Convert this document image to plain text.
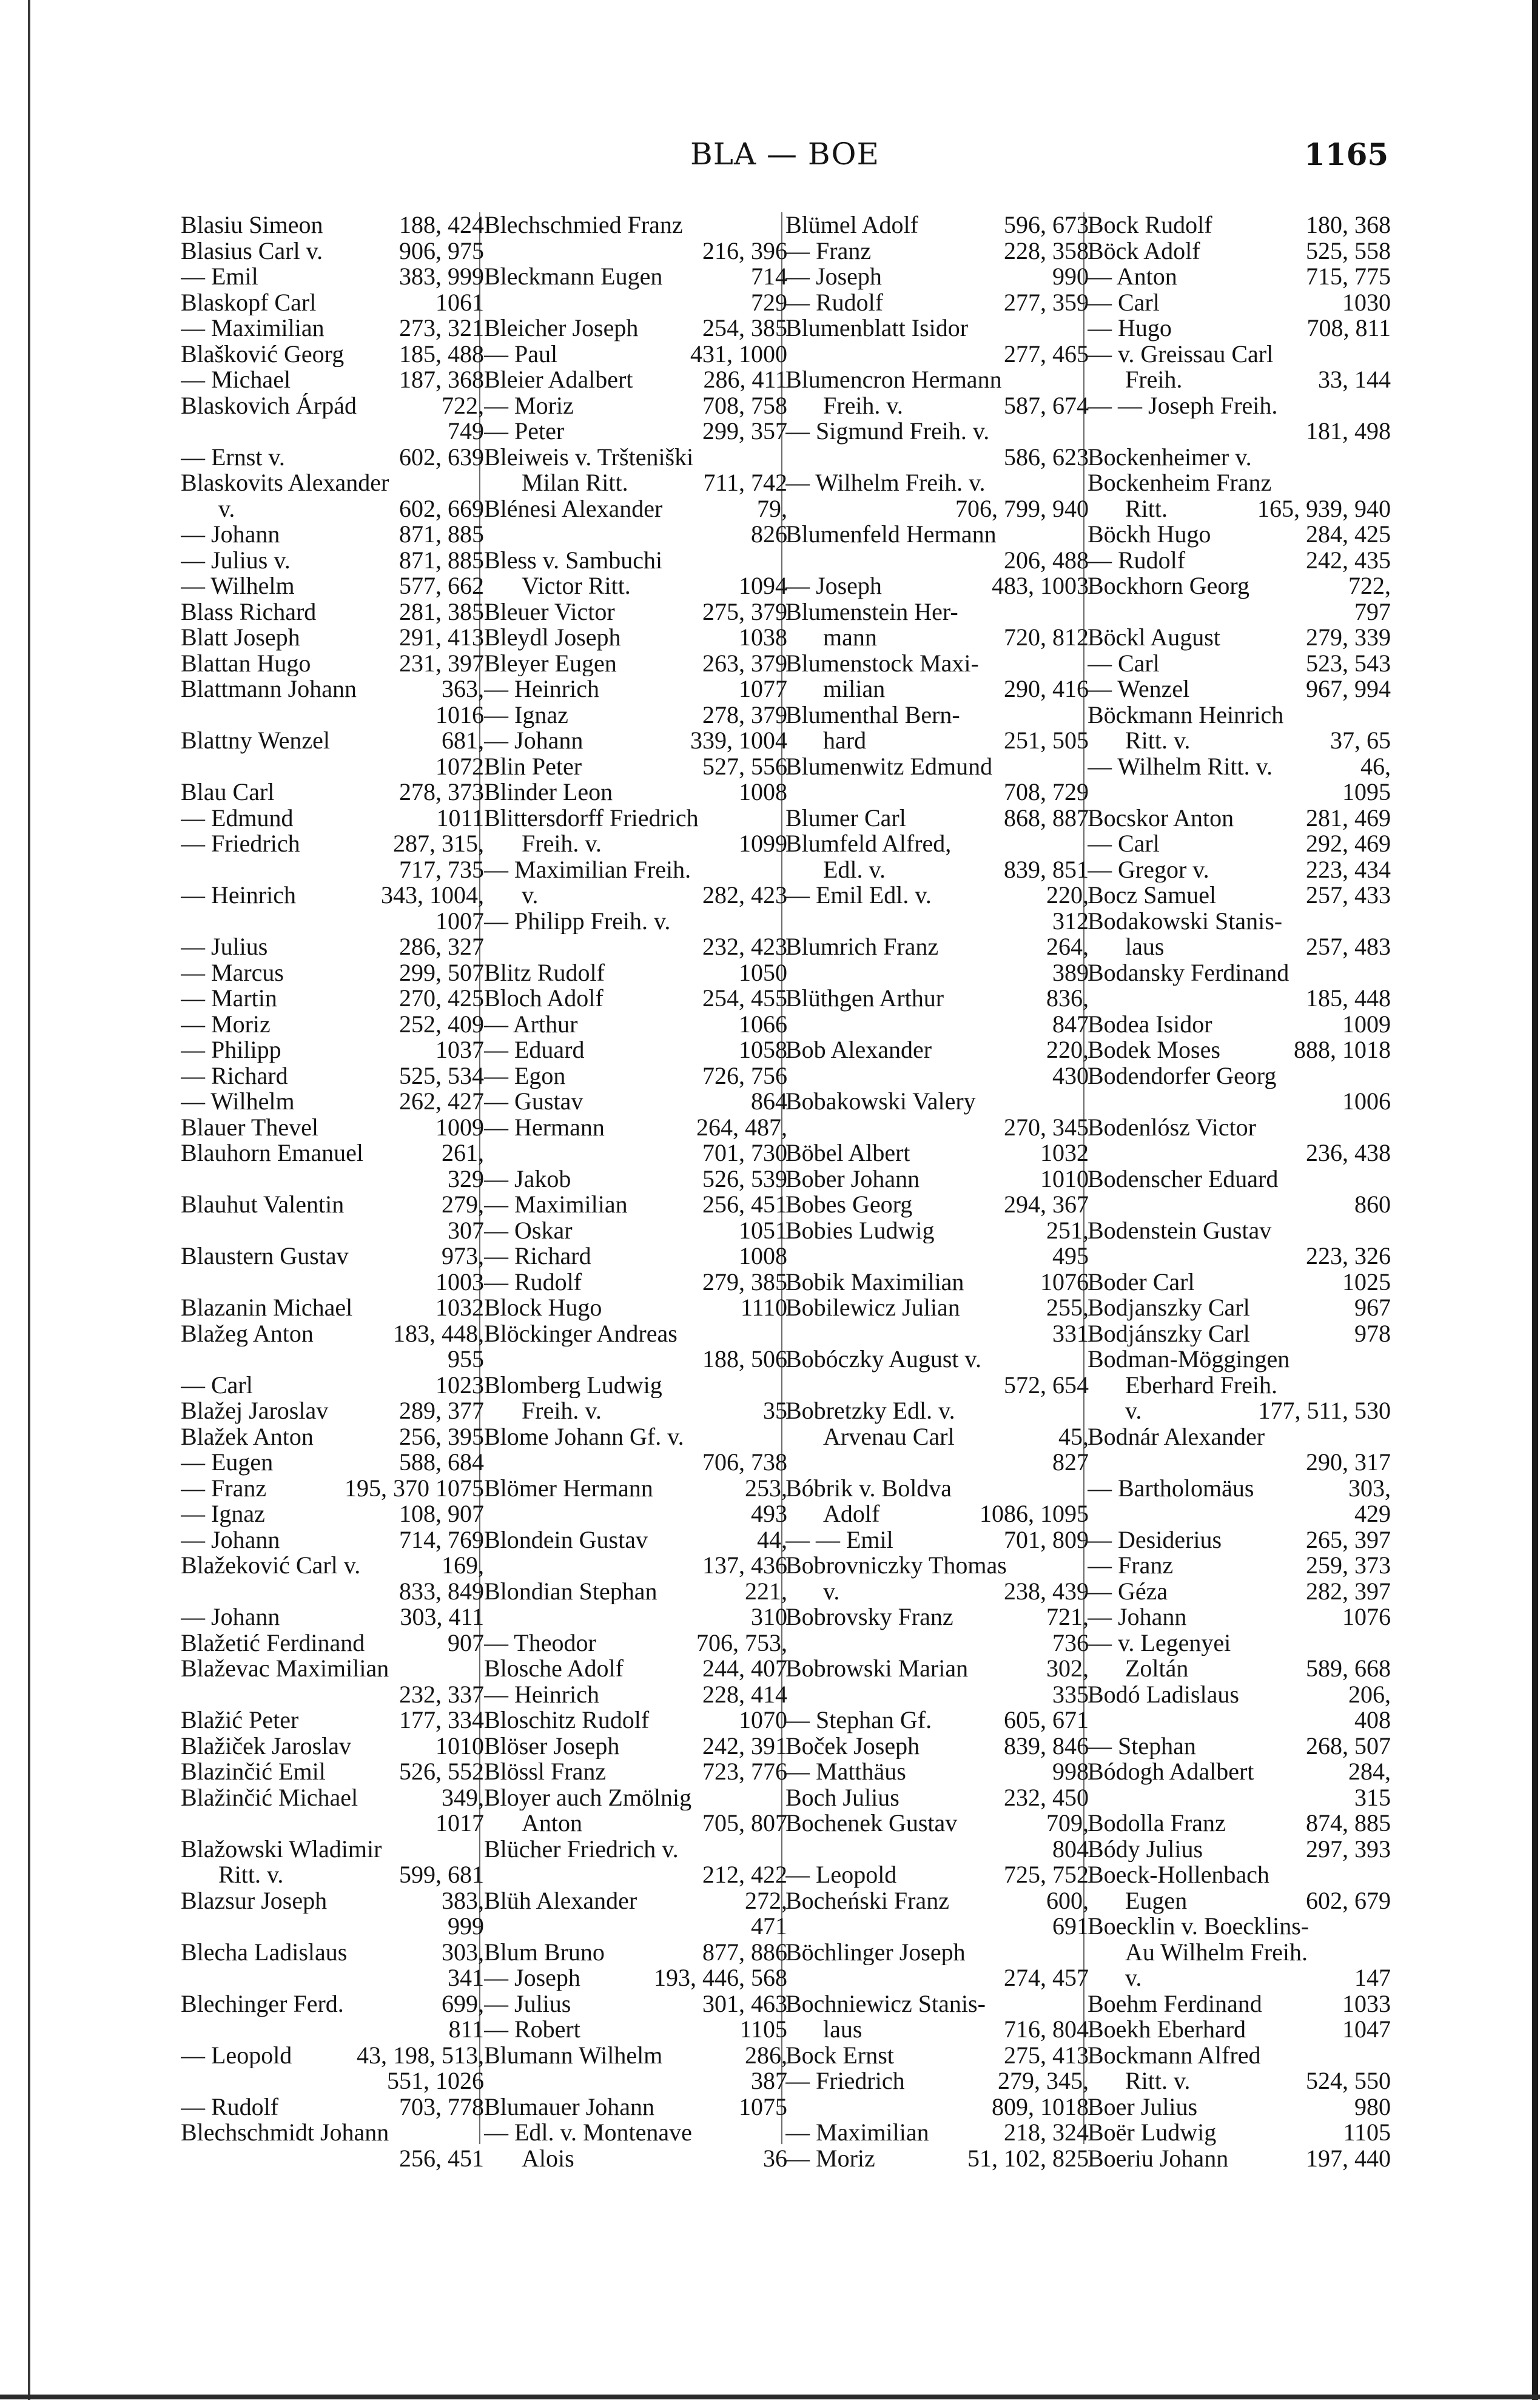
BLA — BOE	1165
Blasiu Simeon	188, 424
Blasius Carl v.	906, 975
— Emil	383, 999
Blaskopf Carl	1061
— Maximilian	273, 321
Blašković Georg 185, 488
— Michael	187, 368
Blaskovich Árpád	722,
749
— Ernst v.	602, 639
Blaskovits Alexander
v.	602, 669
— Johann	871, 885
— Julius v.	871, 885
— Wilhelm	577, 662
Blass Richard	281, 385
Blatt Joseph	291, 413
Blattan Hugo	231, 397
Blattmann Johann	363,
1016
Blattny Wenzel	681,
1072
Blau Carl	278, 373
— Edmund	1011
— Friedrich	287, 315,
717, 735
— Heinrich	343, 1004,
1007
— Julius	286, 327
— Marcus	299, 507
— Martin	270, 425
— Moriz	252, 409
— Philipp	1037
— Richard	525, 534
— Wilhelm	262, 427
Blauer Thevel	1009
Blauhorn Emanuel	261,
329
Blauhut Valentin	279,
307
Blaustern Gustav	973,
1003
Blazanin Michael	1032
Blažeg Anton	183, 448,
955
— Carl	1023
Blažej Jaroslav	289, 377
Blažek Anton	256, 395
— Eugen	588, 684
— Franz	195, 370 1075
— Ignaz	108, 907
— Johann	714, 769
Blažeković Carl v.	169,
833, 849
— Johann	303, 411
Blažetić Ferdinand	907
Blaževac Maximilian
232, 337
Blažić Peter	177, 334
Blažiček Jaroslav	1010
Blazinčić Emil	526, 552
Blažinčić Michael	349,
1017
Blažowski Wladimir
Ritt. v.	599, 681
Blazsur Joseph	383,
999
Blecha Ladislaus	303,
341
Blechinger Ferd.	699,
811
— Leopold	43, 198, 513,
551, 1026
— Rudolf	703, 778
Blechschmidt Johann
256, 451
Blechschmied Franz
216, 396
Bleckmann Eugen	714
729
Bleicher Joseph	254, 385
— Paul	431, 1000
Bleier Adalbert	286, 411
— Moriz	708, 758
— Peter	299, 357
Bleiweis v. Tršteniški
Milan Ritt.	711, 742
Blénesi Alexander	79,
826
Bless v. Sambuchi
Victor Ritt.	1094
Bleuer Victor	275, 379
Bleydl Joseph	1038
Bleyer Eugen	263, 379
— Heinrich	1077
— Ignaz	278, 379
— Johann	339, 1004
Blin Peter	527, 556
Blinder Leon	1008
Blittersdorff Friedrich
Freih. v.	1099
— Maximilian Freih.
v.	282, 423
— Philipp Freih. v.
232, 423
Blitz Rudolf	1050
Bloch Adolf	254, 455
— Arthur	1066
— Eduard	1058
— Egon	726, 756
— Gustav	864
— Hermann	264, 487,
701, 730
— Jakob	526, 539
— Maximilian	256, 451
— Oskar	1051
— Richard	1008
— Rudolf	279, 385
Block Hugo	1110
Blöckinger Andreas
188, 506
Blomberg Ludwig
Freih. v.	35
Blome Johann Gf. v.
706, 738
Blömer Hermann	253,
493
Blondein Gustav	44,
137, 436
Blondian Stephan	221,
310
— Theodor	706, 753,
Blosche Adolf	244, 407
— Heinrich	228, 414
Bloschitz Rudolf	1070
Blöser Joseph	242, 391
Blössl Franz	723, 776
Bloyer auch Zmölnig
Anton	705, 807
Blücher Friedrich v.
212, 422
Blüh Alexander	272,
471
Blum Bruno	877, 886
— Joseph	193, 446, 568
— Julius	301, 463
— Robert	1105
Blumann Wilhelm	286,
387
Blumauer Johann	1075
— Edl. v. Montenave
Alois	36
Blümel Adolf	596, 673
— Franz	228, 358
— Joseph	990
— Rudolf	277, 359
Blumenblatt Isidor
277, 465
Blumencron Hermann
Freih. v.	587, 674
— Sigmund Freih. v.
586, 623
— Wilhelm Freih. v.
706, 799, 940
Blumenfeld Hermann
206, 488
— Joseph	483, 1003
Blumenstein Her-
mann	720, 812
Blumenstock Maxi-
milian	290, 416
Blumenthal Bern-
hard	251, 505
Blumenwitz Edmund
708, 729
Blumer Carl	868, 887
Blumfeld Alfred,
Edl. v.	839, 851
— Emil Edl. v.	220,
312
Blumrich Franz	264,
389
Blüthgen Arthur	836,
847
Bob Alexander	220,
430
Bobakowski Valery
270, 345
Böbel Albert	1032
Bober Johann	1010
Bobes Georg	294, 367
Bobies Ludwig	251,
495
Bobik Maximilian	1076
Bobilewicz Julian	255,
331
Bobóczky August v.
572, 654
Bobretzky Edl. v.
Arvenau Carl	45,
827
Bóbrik v. Boldva
Adolf	1086, 1095
— — Emil	701, 809
Bobrovniczky Thomas
v.	238, 439
Bobrovsky Franz	721,
736
Bobrowski Marian	302,
335
— Stephan Gf.	605, 671
Boček Joseph	839, 846
— Matthäus	998
Boch Julius	232, 450
Bochenek Gustav	709,
804
— Leopold	725, 752
Bocheński Franz	600,
691
Böchlinger Joseph
274, 457
Bochniewicz Stanis-
laus	716, 804
Bock Ernst	275, 413
— Friedrich	279, 345,
809, 1018
— Maximilian	218, 324
— Moriz	51, 102, 825
Bock Rudolf	180, 368
Böck Adolf	525, 558
— Anton	715, 775
— Carl	1030
— Hugo	708, 811
— v. Greissau Carl
Freih.	33, 144
— — Joseph Freih.
181, 498
Bockenheimer v.
Bockenheim Franz
Ritt.	165, 939, 940
Böckh Hugo	284, 425
— Rudolf	242, 435
Bockhorn Georg	722,
797
Böckl August	279, 339
— Carl	523, 543
— Wenzel	967, 994
Böckmann Heinrich
Ritt. v.	37, 65
— Wilhelm Ritt. v.	46,
1095
Bocskor Anton	281, 469
— Carl	292, 469
— Gregor v.	223, 434
Bocz Samuel	257, 433
Bodakowski Stanis-
laus	257, 483
Bodansky Ferdinand
185, 448
Bodea Isidor	1009
Bodek Moses	888, 1018
Bodendorfer Georg
1006
Bodenlósz Victor
236, 438
Bodenscher Eduard
860
Bodenstein Gustav
223, 326
Boder Carl	1025
Bodjanszky Carl	967
Bodjánszky Carl	978
Bodman-Möggingen
Eberhard Freih.
v.	177, 511, 530
Bodnár Alexander
290, 317
— Bartholomäus	303,
429
— Desiderius	265, 397
— Franz	259, 373
— Géza	282, 397
— Johann	1076
— v. Legenyei
Zoltán	589, 668
Bodó Ladislaus	206,
408
— Stephan	268, 507
Bódogh Adalbert	284,
315
Bodolla Franz	874, 885
Bódy Julius	297, 393
Boeck-Hollenbach
Eugen	602, 679
Boecklin v. Boecklins-
Au Wilhelm Freih.
v.	147
Boehm Ferdinand	1033
Boekh Eberhard	1047
Bockmann Alfred
Ritt. v.	524, 550
Boer Julius	980
Boër Ludwig	1105
Boeriu Johann	197, 440
